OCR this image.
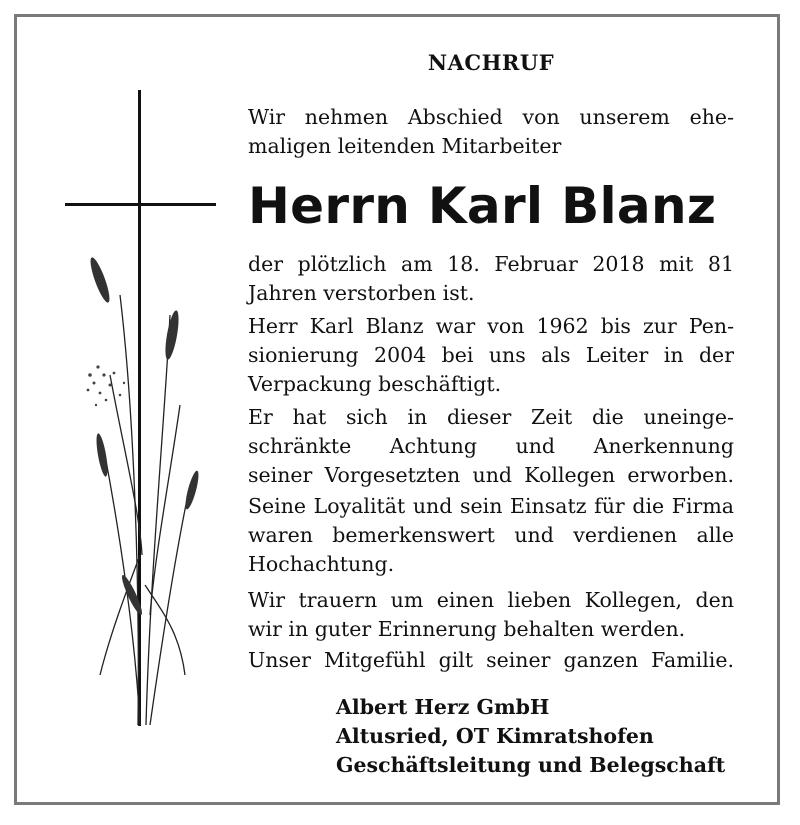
NACHRUF
Wir nehmen Abschied von unserem ehe-
maligen leitenden Mitarbeiter
Herrn Karl Blanz
der plötzlich am 18. Februar 2018 mit 81
Jahren verstorben ist.
Herr Karl Blanz war von 1962 bis zur Pen-
sionierung 2004 bei uns als Leiter in der
Verpackung beschäftigt.
Er hat sich in dieser Zeit die uneinge-
schränkte Achtung und Anerkennung
seiner Vorgesetzten und Kollegen erworben.
Seine Loyalität und sein Einsatz für die Firma
waren bemerkenswert und verdienen alle
Hochachtung.
Wir trauern um einen lieben Kollegen, den
wir in guter Erinnerung behalten werden.
Unser Mitgefühl gilt seiner ganzen Familie.
Albert Herz GmbH
Altusried, OT Kimratshofen
Geschäftsleitung und Belegschaft
